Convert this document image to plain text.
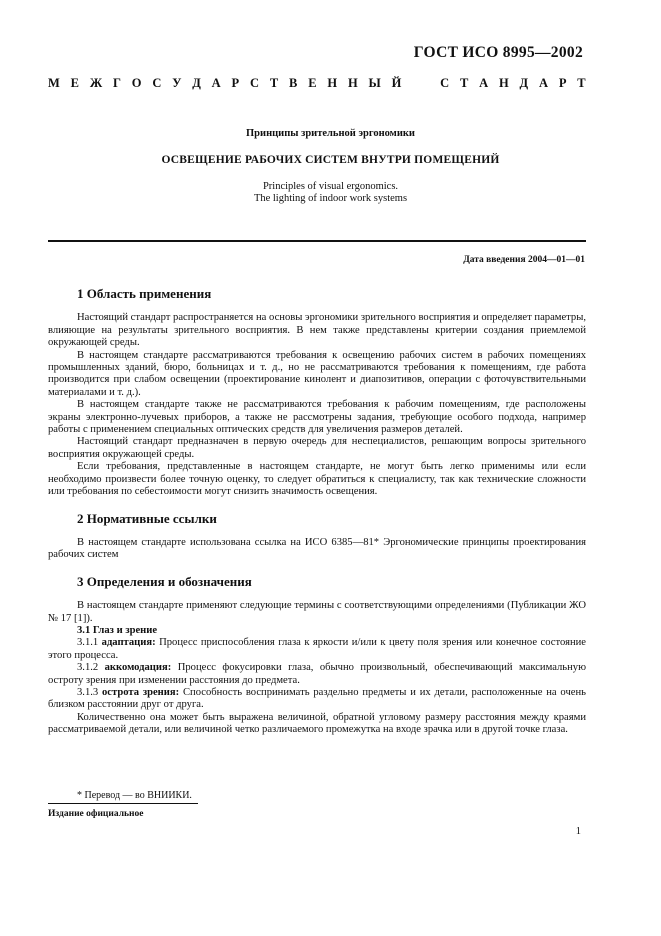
ГОСТ ИСО 8995—2002
М Е Ж Г О С У Д А Р С Т В Е Н Н Ы Й

	С Т А Н Д А Р Т
Принципы зрительной эргономики
ОСВЕЩЕНИЕ РАБОЧИХ СИСТЕМ ВНУТРИ ПОМЕЩЕНИЙ
Principles of visual ergonomics.
The lighting of indoor work systems
Дата введения 2004—01—01
1 Область применения

Настоящий стандарт распространяется на основы эргономики зрительного восприятия и определяет параметры, влияющие на результаты зрительного восприятия. В нем также представлены критерии создания приемлемой окружающей среды.

В настоящем стандарте рассматриваются требования к освещению рабочих систем в рабочих помещениях промышленных зданий, бюро, больницах и т. д., но не рассматриваются требования к помещениям, где работа производится при слабом освещении (проектирование кинолент и диапозитивов, операции с фоточувствительными материалами и т. д.).

В настоящем стандарте также не рассматриваются требования к рабочим помещениям, где расположены экраны электронно-лучевых приборов, а также не рассмотрены задания, требующие особого подхода, например работы с применением специальных оптических средств для увеличения размеров деталей.

Настоящий стандарт предназначен в первую очередь для неспециалистов, решающим вопросы зрительного восприятия окружающей среды.

Если требования, представленные в настоящем стандарте, не могут быть легко применимы или если необходимо произвести более точную оценку, то следует обратиться к специалисту, так как технические сложности или требования по себестоимости могут снизить значимость освещения.

2 Нормативные ссылки

В настоящем стандарте использована ссылка на ИСО 6385—81* Эргономические принципы проектирования рабочих систем

3 Определения и обозначения

В настоящем стандарте применяют следующие термины с соответствующими определениями (Публикации ЖО № 17 [1]).

3.1 Глаз и зрение

3.1.1 адаптация: Процесс приспособления глаза к яркости и/или к цвету поля зрения или конечное состояние этого процесса.

3.1.2 аккомодация: Процесс фокусировки глаза, обычно произвольный, обеспечивающий максимальную остроту зрения при изменении расстояния до предмета.

3.1.3 острота зрения: Способность воспринимать раздельно предметы и их детали, расположенные на очень близком расстоянии друг от друга.

Количественно она может быть выражена величиной, обратной угловому размеру расстояния между краями рассматриваемой детали, или величиной четко различаемого промежутка на входе зрачка или в другой точке глаза.

* Перевод — во ВНИИКИ.
Издание официальное
1
